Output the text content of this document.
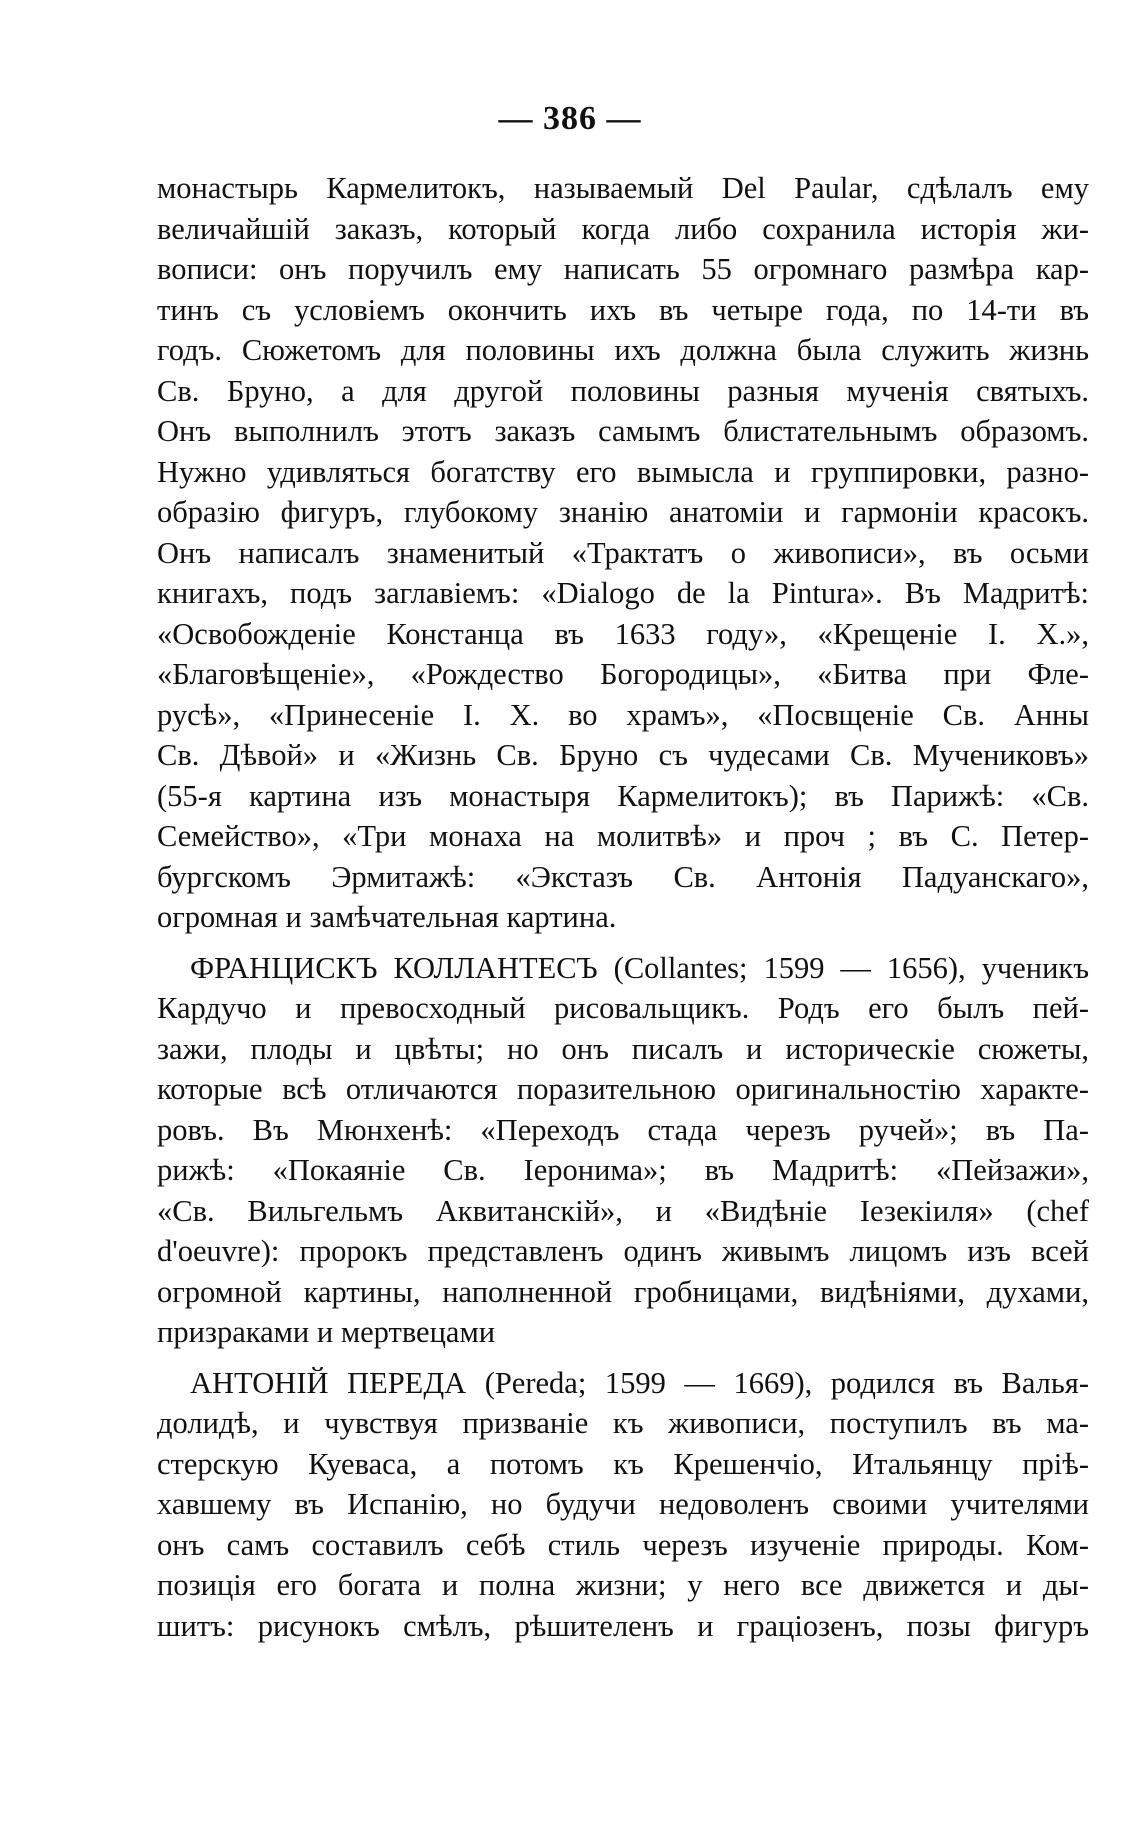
— 386 —
монастырь Кармелитокъ, называемый Del Paular, сдѣлалъ ему
величайшій заказъ, который когда либо сохранила исторія жи-
вописи: онъ поручилъ ему написать 55 огромнаго размѣра кар-
тинъ съ условіемъ окончить ихъ въ четыре года, по 14-ти въ
годъ. Сюжетомъ для половины ихъ должна была служить жизнь
Св. Бруно, а для другой половины разныя мученія святыхъ.
Онъ выполнилъ этотъ заказъ самымъ блистательнымъ образомъ.
Нужно удивляться богатству его вымысла и группировки, разно-
образію фигуръ, глубокому знанію анатоміи и гармоніи красокъ.
Онъ написалъ знаменитый «Трактатъ о живописи», въ осьми
книгахъ, подъ заглавіемъ: «Dialogo de la Pintura». Въ Мадритѣ:
«Освобожденіе Констанца въ 1633 году», «Крещеніе І. Х.»,
«Благовѣщеніе», «Рождество Богородицы», «Битва при Фле-
русѣ», «Принесеніе І. Х. во храмъ», «Посвщеніе Св. Анны
Св. Дѣвой» и «Жизнь Св. Бруно съ чудесами Св. Мучениковъ»
(55-я картина изъ монастыря Кармелитокъ); въ Парижѣ: «Св.
Семейство», «Три монаха на молитвѣ» и проч ; въ С. Петер-
бургскомъ Эрмитажѣ: «Экстазъ Св. Антонія Падуанскаго»,
огромная и замѣчательная картина.
ФРАНЦИСКЪ КОЛЛАНТЕСЪ (Collantes; 1599 — 1656), ученикъ
Кардучо и превосходный рисовальщикъ. Родъ его былъ пей-
зажи, плоды и цвѣты; но онъ писалъ и историческіе сюжеты,
которые всѣ отличаются поразительною оригинальностію характе-
ровъ. Въ Мюнхенѣ: «Переходъ стада черезъ ручей»; въ Па-
рижѣ: «Покаяніе Св. Іеронима»; въ Мадритѣ: «Пейзажи»,
«Св. Вильгельмъ Аквитанскій», и «Видѣніе Іезекіиля» (chef
d'oeuvre): пророкъ представленъ одинъ живымъ лицомъ изъ всей
огромной картины, наполненной гробницами, видѣніями, духами,
призраками и мертвецами
АНТОНІЙ ПЕРЕДА (Pereda; 1599 — 1669), родился въ Валья-
долидѣ, и чувствуя призваніе къ живописи, поступилъ въ ма-
стерскую Куеваса, а потомъ къ Крешенчіо, Итальянцу пріѣ-
хавшему въ Испанію, но будучи недоволенъ своими учителями
онъ самъ составилъ себѣ стиль черезъ изученіе природы. Ком-
позиція его богата и полна жизни; у него все движется и ды-
шитъ: рисунокъ смѣлъ, рѣшителенъ и граціозенъ, позы фигуръ
